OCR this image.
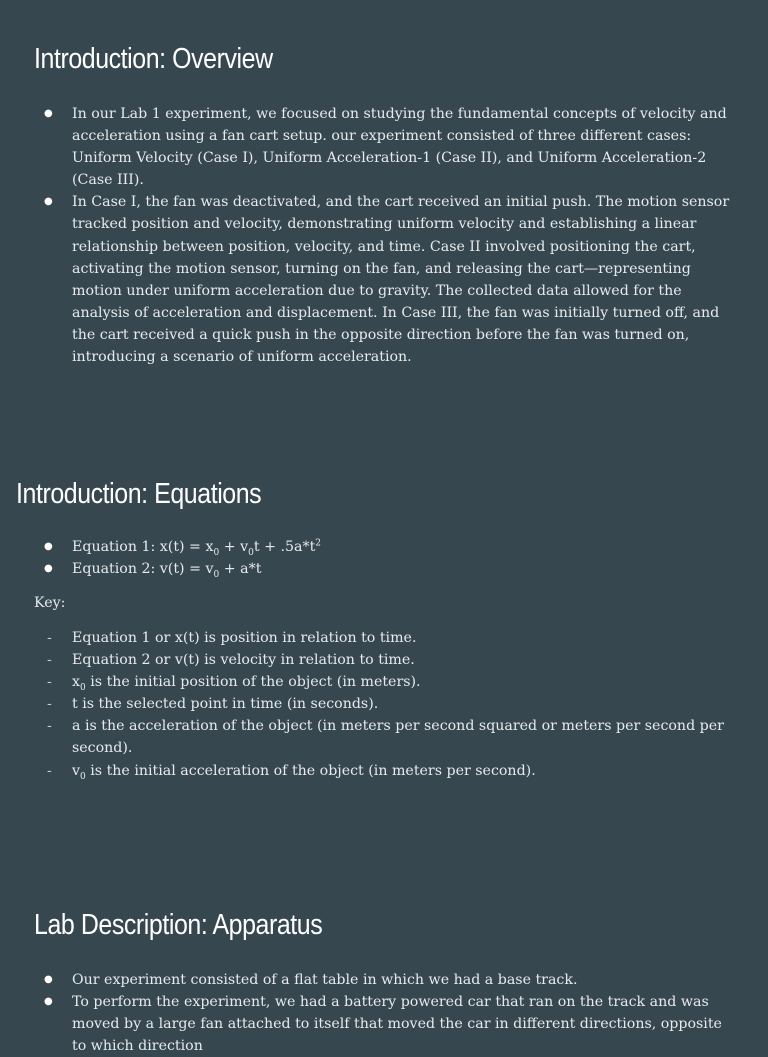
Introduction: Overview
● In our Lab 1 experiment, we focused on studying the fundamental concepts of velocity and acceleration using a fan cart setup. our experiment consisted of three different cases: Uniform Velocity (Case I), Uniform Acceleration-1 (Case II), and Uniform Acceleration-2 (Case III).
● In Case I, the fan was deactivated, and the cart received an initial push. The motion sensor tracked position and velocity, demonstrating uniform velocity and establishing a linear relationship between position, velocity, and time. Case II involved positioning the cart, activating the motion sensor, turning on the fan, and releasing the cart—representing motion under uniform acceleration due to gravity. The collected data allowed for the analysis of acceleration and displacement. In Case III, the fan was initially turned off, and the cart received a quick push in the opposite direction before the fan was turned on, introducing a scenario of uniform acceleration.
Introduction: Equations
● Equation 1: $x(t) = x_0 + v_0t + .5a*t^2$
● Equation 2: $v(t) = v_0 + a*t$
Key:
- Equation 1 or x(t) is position in relation to time.
- Equation 2 or v(t) is velocity in relation to time.
- $x_0$ is the initial position of the object (in meters).
- t is the selected point in time (in seconds).
- a is the acceleration of the object (in meters per second squared or meters per second per second).
- $v_0$ is the initial acceleration of the object (in meters per second).
Lab Description: Apparatus
● Our experiment consisted of a flat table in which we had a base track.
● To perform the experiment, we had a battery powered car that ran on the track and was moved by a large fan attached to itself that moved the car in different directions, opposite to which direction
